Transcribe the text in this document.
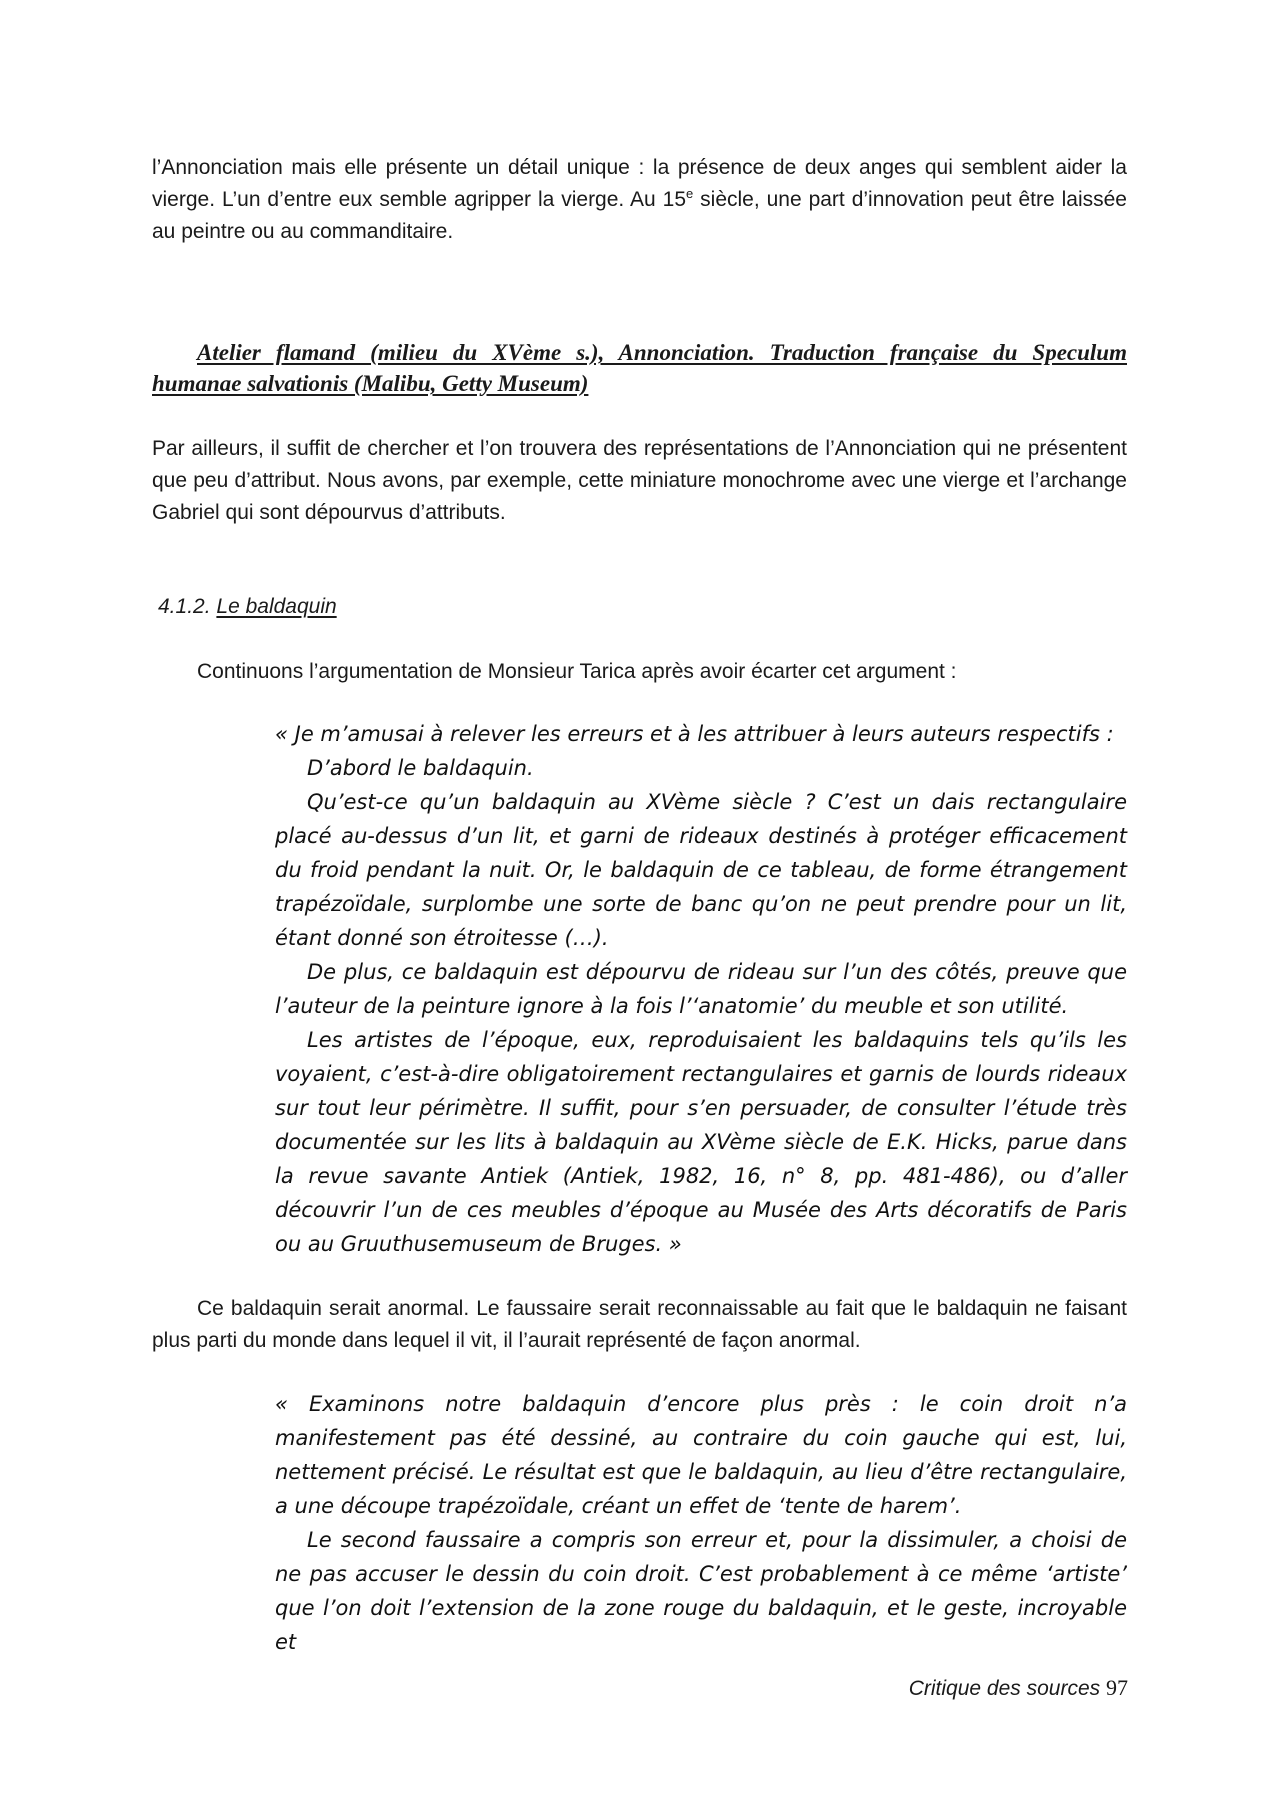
l’Annonciation mais elle présente un détail unique : la présence de deux anges qui semblent aider la vierge. L’un d’entre eux semble agripper la vierge. Au 15e siècle, une part d’innovation peut être laissée au peintre ou au commanditaire.

Atelier flamand (milieu du XVème s.), Annonciation. Traduction française du Speculum humanae salvationis (Malibu, Getty Museum)

Par ailleurs, il suffit de chercher et l’on trouvera des représentations de l’Annonciation qui ne présentent que peu d’attribut. Nous avons, par exemple, cette miniature monochrome avec une vierge et l’archange Gabriel qui sont dépourvus d’attributs.

4.1.2. Le baldaquin

Continuons l’argumentation de Monsieur Tarica après avoir écarter cet argument :

« Je m’amusai à relever les erreurs et à les attribuer à leurs auteurs respectifs :

D’abord le baldaquin.

Qu’est-ce qu’un baldaquin au XVème siècle ? C’est un dais rectangulaire placé au-dessus d’un lit, et garni de rideaux destinés à protéger efficacement du froid pendant la nuit. Or, le baldaquin de ce tableau, de forme étrangement trapézoïdale, surplombe une sorte de banc qu’on ne peut prendre pour un lit, étant donné son étroitesse (…).

De plus, ce baldaquin est dépourvu de rideau sur l’un des côtés, preuve que l’auteur de la peinture ignore à la fois l’‘anatomie’ du meuble et son utilité.

Les artistes de l’époque, eux, reproduisaient les baldaquins tels qu’ils les voyaient, c’est-à-dire obligatoirement rectangulaires et garnis de lourds rideaux sur tout leur périmètre. Il suffit, pour s’en persuader, de consulter l’étude très documentée sur les lits à baldaquin au XVème siècle de E.K. Hicks, parue dans la revue savante Antiek (Antiek, 1982, 16, n° 8, pp. 481-486), ou d’aller découvrir l’un de ces meubles d’époque au Musée des Arts décoratifs de Paris ou au Gruuthusemuseum de Bruges. »

Ce baldaquin serait anormal. Le faussaire serait reconnaissable au fait que le baldaquin ne faisant plus parti du monde dans lequel il vit, il l’aurait représenté de façon anormal.

« Examinons notre baldaquin d’encore plus près : le coin droit n’a manifestement pas été dessiné, au contraire du coin gauche qui est, lui, nettement précisé. Le résultat est que le baldaquin, au lieu d’être rectangulaire, a une découpe trapézoïdale, créant un effet de ‘tente de harem’.

Le second faussaire a compris son erreur et, pour la dissimuler, a choisi de ne pas accuser le dessin du coin droit. C’est probablement à ce même ‘artiste’ que l’on doit l’extension de la zone rouge du baldaquin, et le geste, incroyable et

Critique des sources 97
